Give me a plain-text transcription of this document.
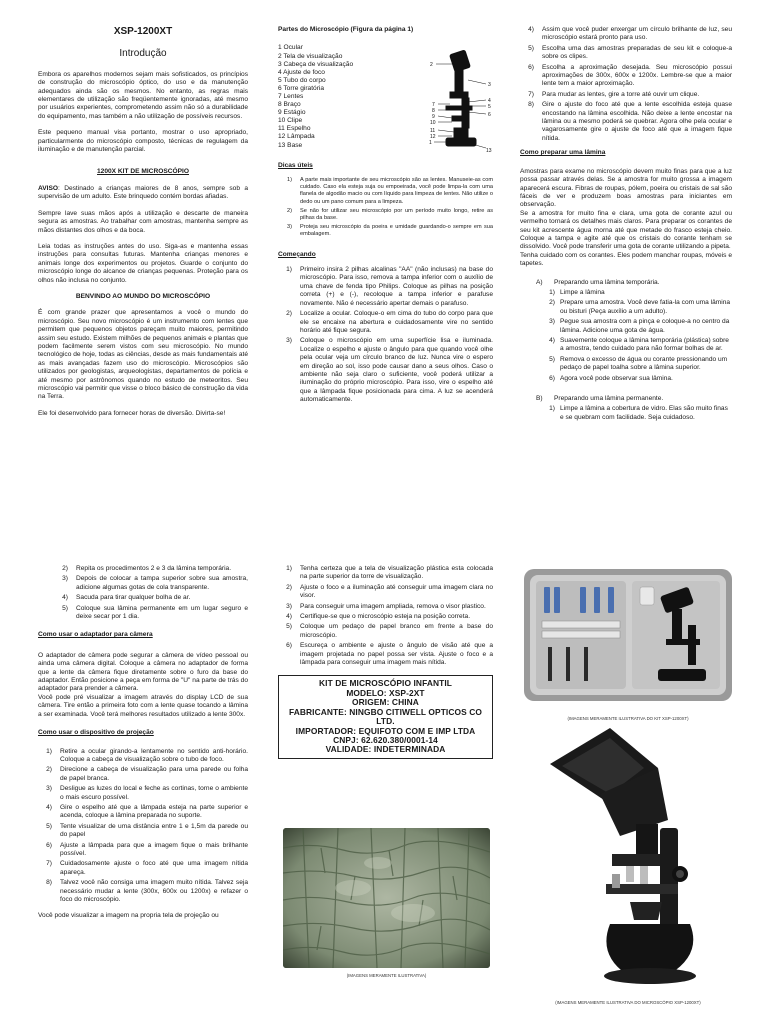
XSP-1200XT
Introdução

Embora os aparelhos modernos sejam mais sofisticados, os princípios de construção do microscópio óptico, do uso e da manutenção adequados ainda são os mesmos. No entanto, as regras mais elementares de utilização são freqüentemente ignoradas, até mesmo por usuários experientes, comprometendo assim não só a durabilidade do equipamento, mas também a não utilização de possíveis recursos.

Este pequeno manual visa portanto, mostrar o uso apropriado, particularmente do microscópio composto, técnicas de regulagem da iluminação e de manutenção parcial.

1200X KIT DE MICROSCÓPIO

AVISO: Destinado a crianças maiores de 8 anos, sempre sob a supervisão de um adulto. Este brinquedo contém bordas afiadas.

Sempre lave suas mãos após a utilização e descarte de maneira segura as amostras. Ao trabalhar com amostras, mantenha sempre as mãos distantes dos olhos e da boca.

Leia todas as instruções antes do uso. Siga-as e mantenha essas instruções para consultas futuras. Mantenha crianças menores e animais longe dos experimentos ou projetos. Guarde o conjunto do microscópio longe do alcance de crianças pequenas. Proteção para os olhos não inclusa no conjunto.

BENVINDO AO MUNDO DO MICROSCÓPIO

É com grande prazer que apresentamos a você o mundo do microscópio. Seu novo microscópio é um instrumento com lentes que permitem que pequenos objetos pareçam muito maiores, permitindo assim seu estudo. Existem milhões de pequenos animais e plantas que podem facilmente serem vistos com seu microscópio. No mundo tecnológico de hoje, todas as ciências, desde as mais fundamentais até as mais avançadas fazem uso do microscópio. Microscópios são utilizados por geologistas, arqueologistas, departamentos de polícia e até mesmo por astrônomos quando no estudo de meteoritos. Seu microscópio vai permitir que visse o bloco básico de construção da vida na Terra.

Ele foi desenvolvido para fornecer horas de diversão. Divirta-se!

Partes do Microscópio (Figura da página 1)
1 Ocular
2 Tela de visualização
3 Cabeça de visualização
4 Ajuste de foco
5 Tubo do corpo
6 Torre giratória
7 Lentes
8 Braço
9 Estágio
10 Clipe
11 Espelho
12 Lâmpada
13 Base
2
3
4
5
6
7
8
9
10
11
12
13
1
Dicas úteis
1)	A parte mais importante de seu microscópio são as lentes. Manuseie-as com cuidado. Caso ela esteja suja ou empoeirada, você pode limpa-la com uma flanela de algodão macio ou com líquido para limpeza de lentes. Não utilize o dedo ou um pano comum para a limpeza.
2)	Se não for utilizar seu microscópio por um período muito longo, retire as pilhas da base.
3)	Proteja seu microscópio da poeira e umidade guardando-o sempre em sua embalagem.
Começando
1)	Primeiro insira 2 pilhas alcalinas "AA" (não inclusas) na base do microscópio. Para isso, remova a tampa inferior com o auxílio de uma chave de fenda tipo Philips. Coloque as pilhas na posição correta (+) e (-), recoloque a tampa inferior e parafuse novamente. Não é necessário apertar demais o parafuso.
2)	Localize a ocular. Coloque-o em cima do tubo do corpo para que ele se encaixe na abertura e cuidadosamente vire no sentido horário até fique segura.
3)	Coloque o microscópio em uma superfície lisa e iluminada. Localize o espelho e ajuste o ângulo para que quando você olhe pela ocular veja um círculo branco de luz. Nunca vire o espero em direção ao sol, isso pode causar dano a seus olhos. Caso o ambiente não seja claro o suficiente, você poderá utilizar a iluminação do próprio microscópio. Para isso, vire o espelho até que a lâmpada fique posicionada para cima. A luz se acenderá automaticamente.
4)	Assim que você puder enxergar um círculo brilhante de luz, seu microscópio estará pronto para uso.
5)	Escolha uma das amostras preparadas de seu kit e coloque-a sobre os clipes.
6)	Escolha a aproximação desejada. Seu microscópio possui aproximações de 300x, 600x e 1200x. Lembre-se que a maior lente tem a maior aproximação.
7)	Para mudar as lentes, gire a torre até ouvir um clique.
8)	Gire o ajuste do foco até que a lente escolhida esteja quase encostando na lâmina escolhida. Não deixe a lente encostar na lâmina ou a mesmo poderá se quebrar. Agora olhe pela ocular e vagarosamente gire o ajuste de foco até que a imagem fique nítida.
Como preparar uma lâmina

Amostras para exame no microscópio devem muito finas para que a luz possa passar através delas. Se a amostra for muito grossa a imagem aparecerá escura. Fibras de roupas, pólem, poeira ou cristais de sal são fáceis de ver e produzem boas amostras para iniciantes em observação.

Se a amostra for muito fina e clara, uma gota de corante azul ou vermelho tornará os detalhes mais claros. Para preparar os corantes de seu kit acrescente água morna até que metade do frasco esteja cheio. Coloque a tampa e agite até que os cristais do corante tenham se dissolvido. Você pode transferir uma gota de corante utilizando a pipeta.

Tenha cuidado com os corantes. Eles podem manchar roupas, móveis e tapetes.

A)	Preparando uma lâmina temporária.
1) Limpe a lâmina
2) Prepare uma amostra. Você deve fatia-la com uma lâmina ou bisturi (Peça auxílio a um adulto).
3) Pegue sua amostra com a pinça e coloque-a no centro da lâmina. Adicione uma gota de água.
4) Suavemente coloque a lâmina temporária (plástica) sobre a amostra, tendo cuidado para não formar bolhas de ar.
5) Remova o excesso de água ou corante pressionando um pedaço de papel toalha sobre a lâmina superior.
6) Agora você pode observar sua lâmina.
B)	Preparando uma lâmina permanente.
1) Limpe a lâmina a cobertura de vidro. Elas são muito finas e se quebram com facilidade. Seja cuidadoso.
2)	Repita os procedimentos 2 e 3 da lâmina temporária.
3)	Depois de colocar a tampa superior sobre sua amostra, adicione algumas gotas de cola transparente.
4)	Sacuda para tirar qualquer bolha de ar.
5)	Coloque sua lâmina permanente em um lugar seguro e deixe secar por 1 dia.
Como usar o adaptador para câmera

O adaptador de câmera pode segurar a câmera de vídeo pessoal ou ainda uma câmera digital. Coloque a câmera no adaptador de forma que a lente da câmera fique diretamente sobre o furo da base do adaptador. Então posicione a peça em forma de "U" na parte de trás do adaptador para prender a câmera.

Você pode pré visualizar a imagem através do display LCD de sua câmera. Tire então a primeira foto com a lente quase tocando a lâmina a ser examinada. Você terá melhores resultados utilizado a lente 300x.

Como usar o dispositivo de projeção
1)	Retire a ocular girando-a lentamente no sentido anti-horário. Coloque a cabeça de visualização sobre o tubo de foco.
2)	Direcione a cabeça de visualização para uma parede ou folha de papel branca.
3)	Desligue as luzes do local e feche as cortinas, torne o ambiente o mais escuro possível.
4)	Gire o espelho até que a lâmpada esteja na parte superior e acenda, coloque a lâmina preparada no suporte.
5)	Tente visualizar de uma distância entre 1 e 1,5m da parede ou do papel
6)	Ajuste a lâmpada para que a imagem fique o mais brilhante possível.
7)	Cuidadosamente ajuste o foco até que uma imagem nítida apareça.
8)	Talvez você não consiga uma imagem muito nítida. Talvez seja necessário mudar a lente (300x, 600x ou 1200x) e refazer o foco do microscópio.

Você pode visualizar a imagem na propria tela de projeção ou

1)	Tenha certeza que a tela de visualização plástica esta colocada na parte superior da torre de visualização.
2)	Ajuste o foco e a iluminação até conseguir uma imagem clara no visor.
3)	Para conseguir uma imagem ampliada, remova o visor plastico.
4)	Certifique-se que o microscópio esteja na posição correta.
5)	Coloque um pedaço de papel branco em frente a base do microscópio.
6)	Escureça o ambiente e ajuste o ângulo de visão até que a imagem projetada no papel possa ser vista. Ajuste o foco e a lâmpada para conseguir uma imagem mais nítida.
KIT DE MICROSCÓPIO INFANTIL
MODELO: XSP-2XT
ORIGEM: CHINA
FABRICANTE: NINGBO CITIWELL OPTICOS CO LTD.
IMPORTADOR: EQUIFOTO COM E IMP LTDA
CNPJ: 62.620.380/0001-14
VALIDADE: INDETERMINADA
(IMAGENS MERAMENTE ILUSTRATIVA)
(IMAGENS MERAMENTE ILUSTRATIVA DO KIT XSP-1200XT)
(IMAGENS MERAMENTE ILUSTRATIVA DO MICROSCÓPIO XSP-1200XT)
